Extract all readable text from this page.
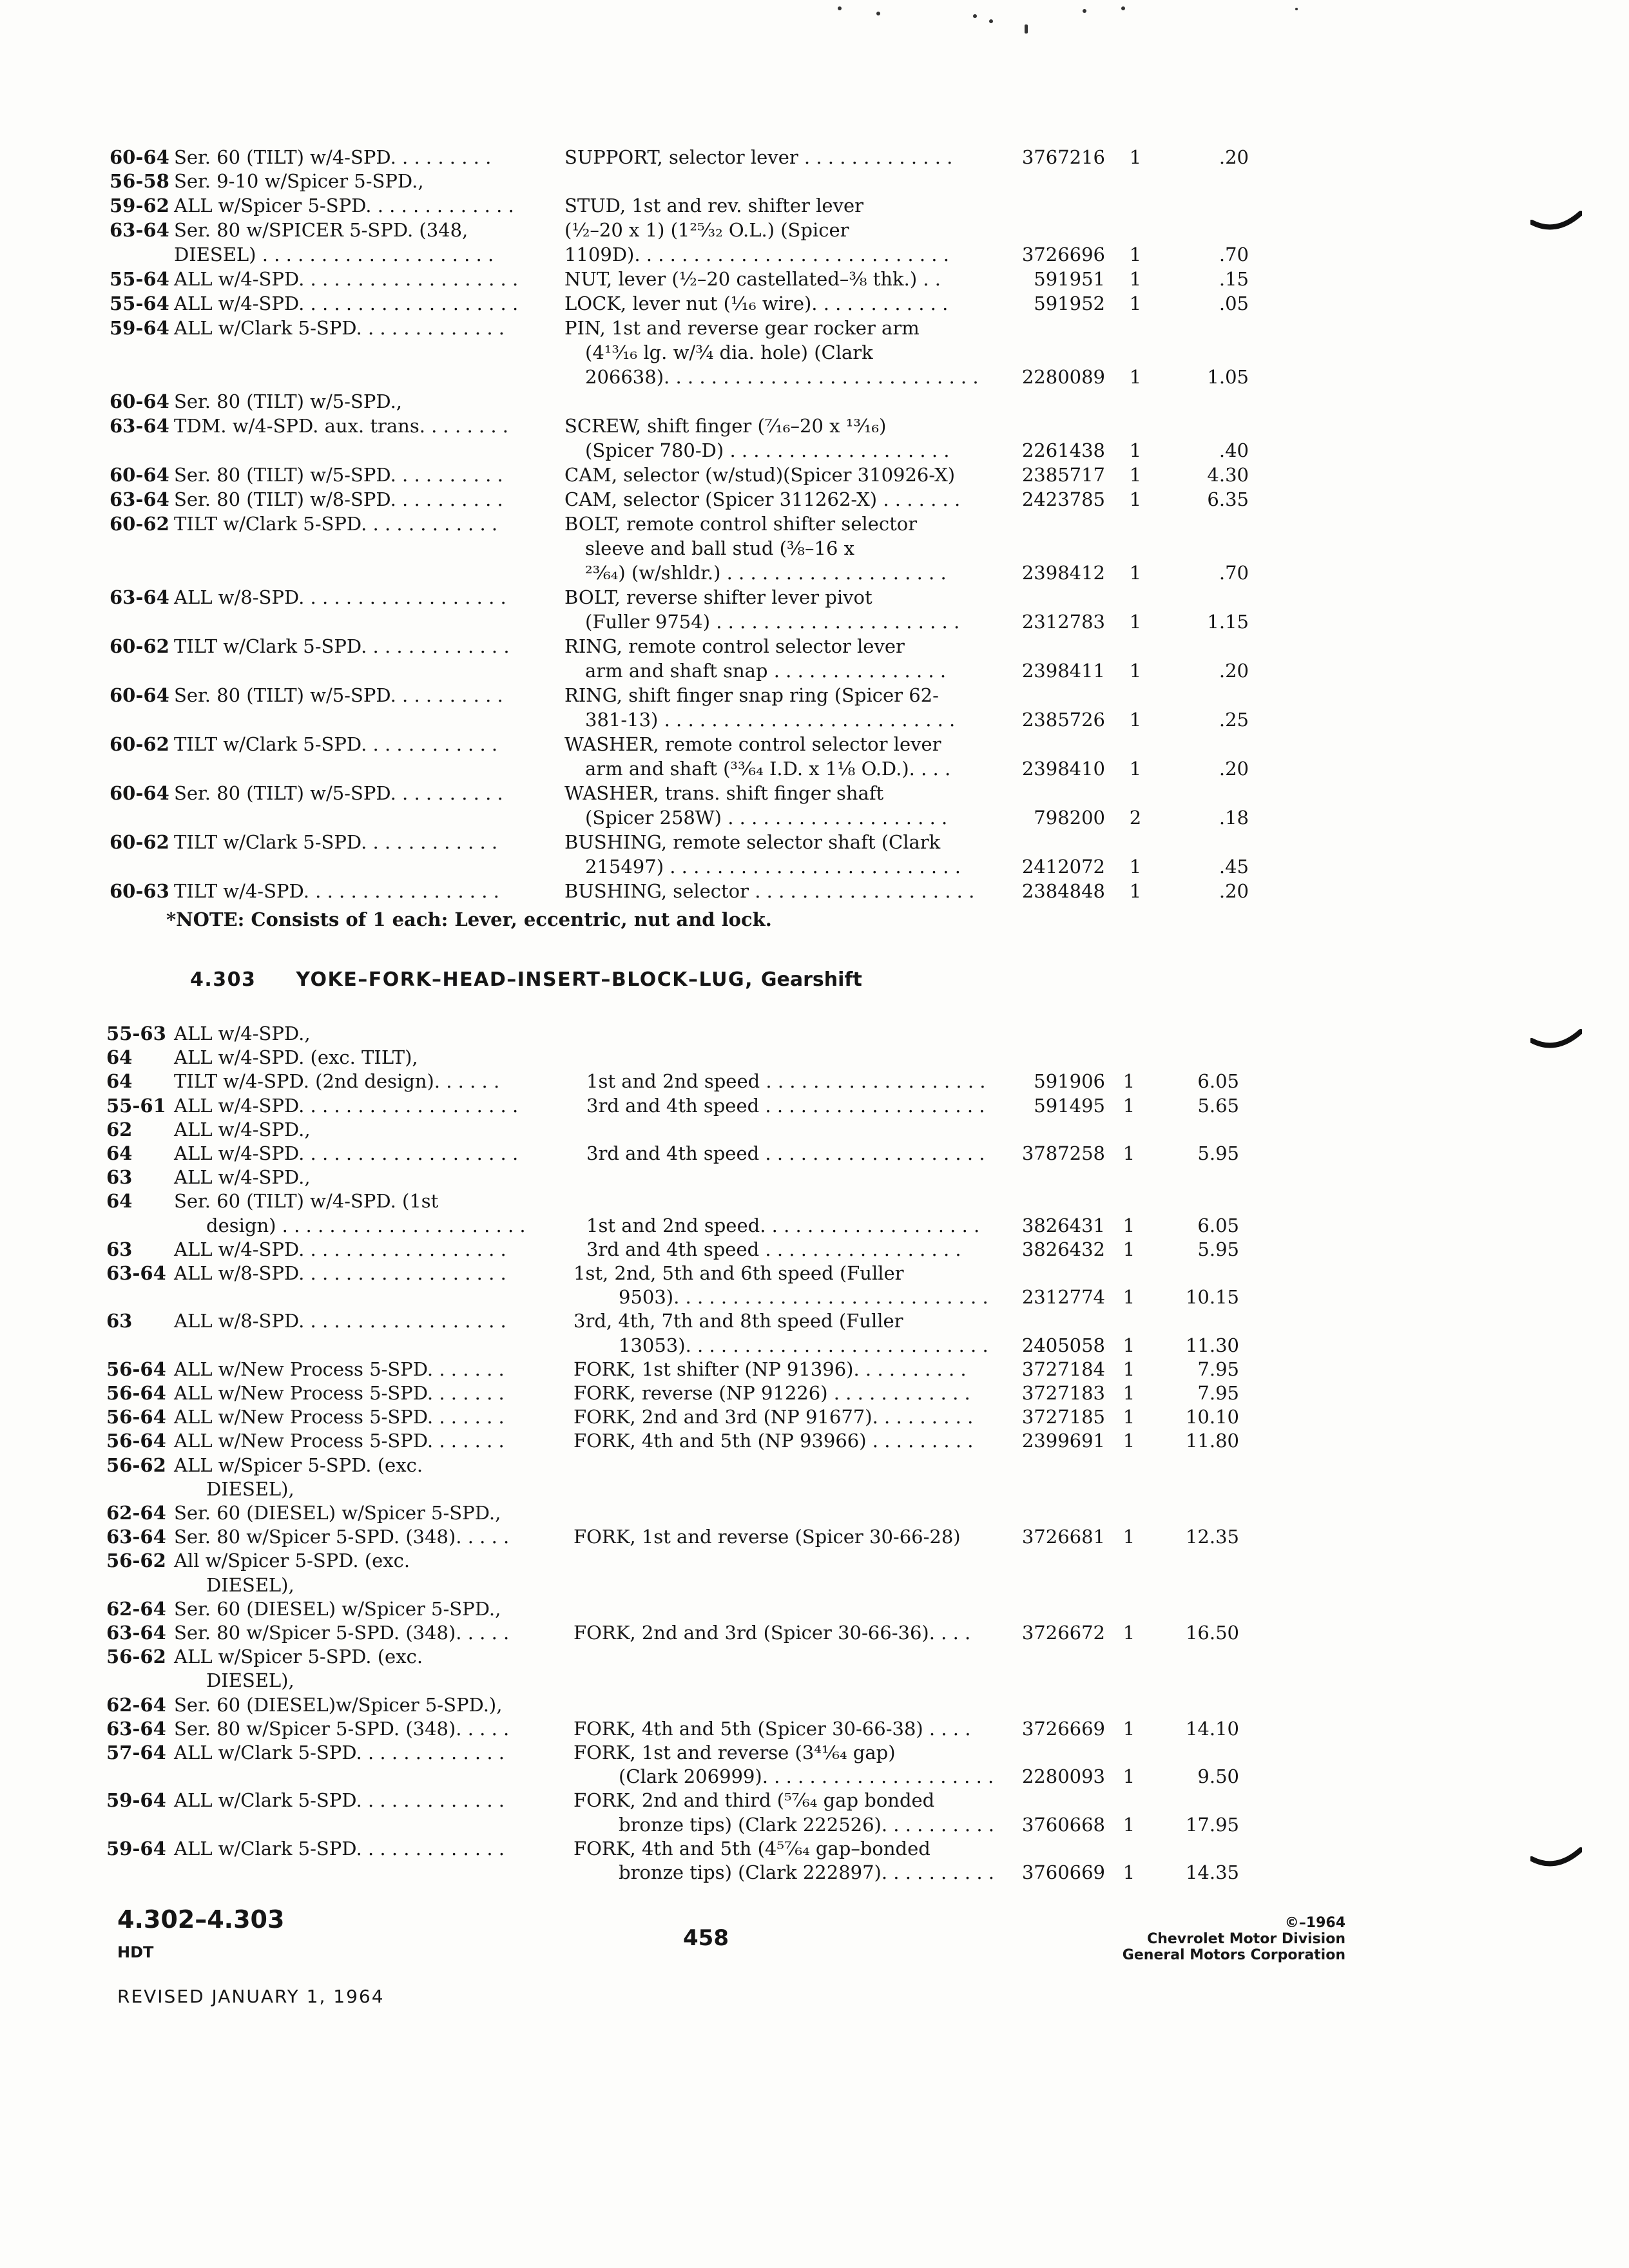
60-64 Ser. 60 (TILT) w/4-SPD. . . . . . . . .	SUPPORT, selector lever . . . . . . . . . . . . .	3767216	1	.20
56-58 Ser. 9-10 w/Spicer 5-SPD.,
59-62 ALL w/Spicer 5-SPD. . . . . . . . . . . . .	STUD, 1st and rev. shifter lever
63-64 Ser. 80 w/SPICER 5-SPD. (348,	(½–20 x 1) (1²⁵⁄₃₂ O.L.) (Spicer
DIESEL) . . . . . . . . . . . . . . . . . . . .	1109D). . . . . . . . . . . . . . . . . . . . . . . . . . .	3726696	1	.70
55-64 ALL w/4-SPD. . . . . . . . . . . . . . . . . . . NUT, lever (½–20 castellated–⅜ thk.) . .	591951	1	.15
55-64 ALL w/4-SPD. . . . . . . . . . . . . . . . . . . LOCK, lever nut (⅟₁₆ wire). . . . . . . . . . . .	591952	1	.05
59-64 ALL w/Clark 5-SPD. . . . . . . . . . . . .	PIN, 1st and reverse gear rocker arm
(4¹³⁄₁₆ lg. w/¾ dia. hole) (Clark
206638). . . . . . . . . . . . . . . . . . . . . . . . . . . 2280089	1	1.05
60-64 Ser. 80 (TILT) w/5-SPD.,
63-64 TDM. w/4-SPD. aux. trans. . . . . . . .	SCREW, shift finger (⁷⁄₁₆–20 x ¹³⁄₁₆)
(Spicer 780-D) . . . . . . . . . . . . . . . . . . .	2261438	1	.40
60-64 Ser. 80 (TILT) w/5-SPD. . . . . . . . . .	CAM, selector (w/stud)(Spicer 310926-X)	2385717	1	4.30
63-64 Ser. 80 (TILT) w/8-SPD. . . . . . . . . .	CAM, selector (Spicer 311262-X) . . . . . . .	2423785	1	6.35
60-62 TILT w/Clark 5-SPD. . . . . . . . . . . .	BOLT, remote control shifter selector
sleeve and ball stud (⅜–16 x
²³⁄₆₄) (w/shldr.) . . . . . . . . . . . . . . . . . . .	2398412	1	.70
63-64 ALL w/8-SPD. . . . . . . . . . . . . . . . . .	BOLT, reverse shifter lever pivot
(Fuller 9754) . . . . . . . . . . . . . . . . . . . . .	2312783	1	1.15
60-62 TILT w/Clark 5-SPD. . . . . . . . . . . . .	RING, remote control selector lever
arm and shaft snap . . . . . . . . . . . . . . .	2398411	1	.20
60-64 Ser. 80 (TILT) w/5-SPD. . . . . . . . . .	RING, shift finger snap ring (Spicer 62-
381-13) . . . . . . . . . . . . . . . . . . . . . . . . .	2385726	1	.25
60-62 TILT w/Clark 5-SPD. . . . . . . . . . . .	WASHER, remote control selector lever
arm and shaft (³³⁄₆₄ I.D. x 1⅛ O.D.). . . .	2398410	1	.20
60-64 Ser. 80 (TILT) w/5-SPD. . . . . . . . . .	WASHER, trans. shift finger shaft
(Spicer 258W) . . . . . . . . . . . . . . . . . . .	798200	2	.18
60-62 TILT w/Clark 5-SPD. . . . . . . . . . . .	BUSHING, remote selector shaft (Clark
215497) . . . . . . . . . . . . . . . . . . . . . . . . .	2412072	1	.45
60-63 TILT w/4-SPD. . . . . . . . . . . . . . . . .	BUSHING, selector . . . . . . . . . . . . . . . . . . .	2384848	1	.20
*NOTE: Consists of 1 each: Lever, eccentric, nut and lock.
4.303 YOKE–FORK–HEAD–INSERT–BLOCK–LUG, Gearshift
55-63 ALL w/4-SPD.,
64 ALL w/4-SPD. (exc. TILT),
64 TILT w/4-SPD. (2nd design). . . . . .	1st and 2nd speed . . . . . . . . . . . . . . . . . . .	591906 1	6.05
55-61 ALL w/4-SPD. . . . . . . . . . . . . . . . . . .	3rd and 4th speed . . . . . . . . . . . . . . . . . . .	591495 1	5.65
62 ALL w/4-SPD.,
64 ALL w/4-SPD. . . . . . . . . . . . . . . . . . .	3rd and 4th speed . . . . . . . . . . . . . . . . . . . 3787258 1	5.95
63 ALL w/4-SPD.,
64 Ser. 60 (TILT) w/4-SPD. (1st
design) . . . . . . . . . . . . . . . . . . . . .	1st and 2nd speed. . . . . . . . . . . . . . . . . . . 3826431 1	6.05
63 ALL w/4-SPD. . . . . . . . . . . . . . . . . .	3rd and 4th speed . . . . . . . . . . . . . . . . .	3826432 1	5.95
63-64 ALL w/8-SPD. . . . . . . . . . . . . . . . . .	1st, 2nd, 5th and 6th speed (Fuller
9503). . . . . . . . . . . . . . . . . . . . . . . . . . . 2312774 1	10.15
63 ALL w/8-SPD. . . . . . . . . . . . . . . . . .	3rd, 4th, 7th and 8th speed (Fuller
13053). . . . . . . . . . . . . . . . . . . . . . . . . . 2405058 1	11.30
56-64 ALL w/New Process 5-SPD. . . . . . .	FORK, 1st shifter (NP 91396). . . . . . . . . .	3727184 1	7.95
56-64 ALL w/New Process 5-SPD. . . . . . .	FORK, reverse (NP 91226) . . . . . . . . . . . .	3727183 1	7.95
56-64 ALL w/New Process 5-SPD. . . . . . .	FORK, 2nd and 3rd (NP 91677). . . . . . . . .	3727185 1	10.10
56-64 ALL w/New Process 5-SPD. . . . . . .	FORK, 4th and 5th (NP 93966) . . . . . . . . .	2399691 1	11.80
56-62 ALL w/Spicer 5-SPD. (exc.
DIESEL),
62-64 Ser. 60 (DIESEL) w/Spicer 5-SPD.,
63-64 Ser. 80 w/Spicer 5-SPD. (348). . . . .	FORK, 1st and reverse (Spicer 30-66-28)	3726681 1	12.35
56-62 All w/Spicer 5-SPD. (exc.
DIESEL),
62-64 Ser. 60 (DIESEL) w/Spicer 5-SPD.,
63-64 Ser. 80 w/Spicer 5-SPD. (348). . . . .	FORK, 2nd and 3rd (Spicer 30-66-36). . . .	3726672 1	16.50
56-62 ALL w/Spicer 5-SPD. (exc.
DIESEL),
62-64 Ser. 60 (DIESEL)w/Spicer 5-SPD.),
63-64 Ser. 80 w/Spicer 5-SPD. (348). . . . .	FORK, 4th and 5th (Spicer 30-66-38) . . . .	3726669 1	14.10
57-64 ALL w/Clark 5-SPD. . . . . . . . . . . . .	FORK, 1st and reverse (3⁴¹⁄₆₄ gap)
(Clark 206999). . . . . . . . . . . . . . . . . . . . 2280093 1	9.50
59-64 ALL w/Clark 5-SPD. . . . . . . . . . . . .	FORK, 2nd and third (⁵⁷⁄₆₄ gap bonded
bronze tips) (Clark 222526). . . . . . . . . . 3760668 1	17.95
59-64 ALL w/Clark 5-SPD. . . . . . . . . . . . .	FORK, 4th and 5th (4⁵⁷⁄₆₄ gap–bonded
bronze tips) (Clark 222897). . . . . . . . . . 3760669 1	14.35
4.302–4.303
HDT
458
REVISED JANUARY 1, 1964
©–1964
Chevrolet Motor Division
General Motors Corporation
